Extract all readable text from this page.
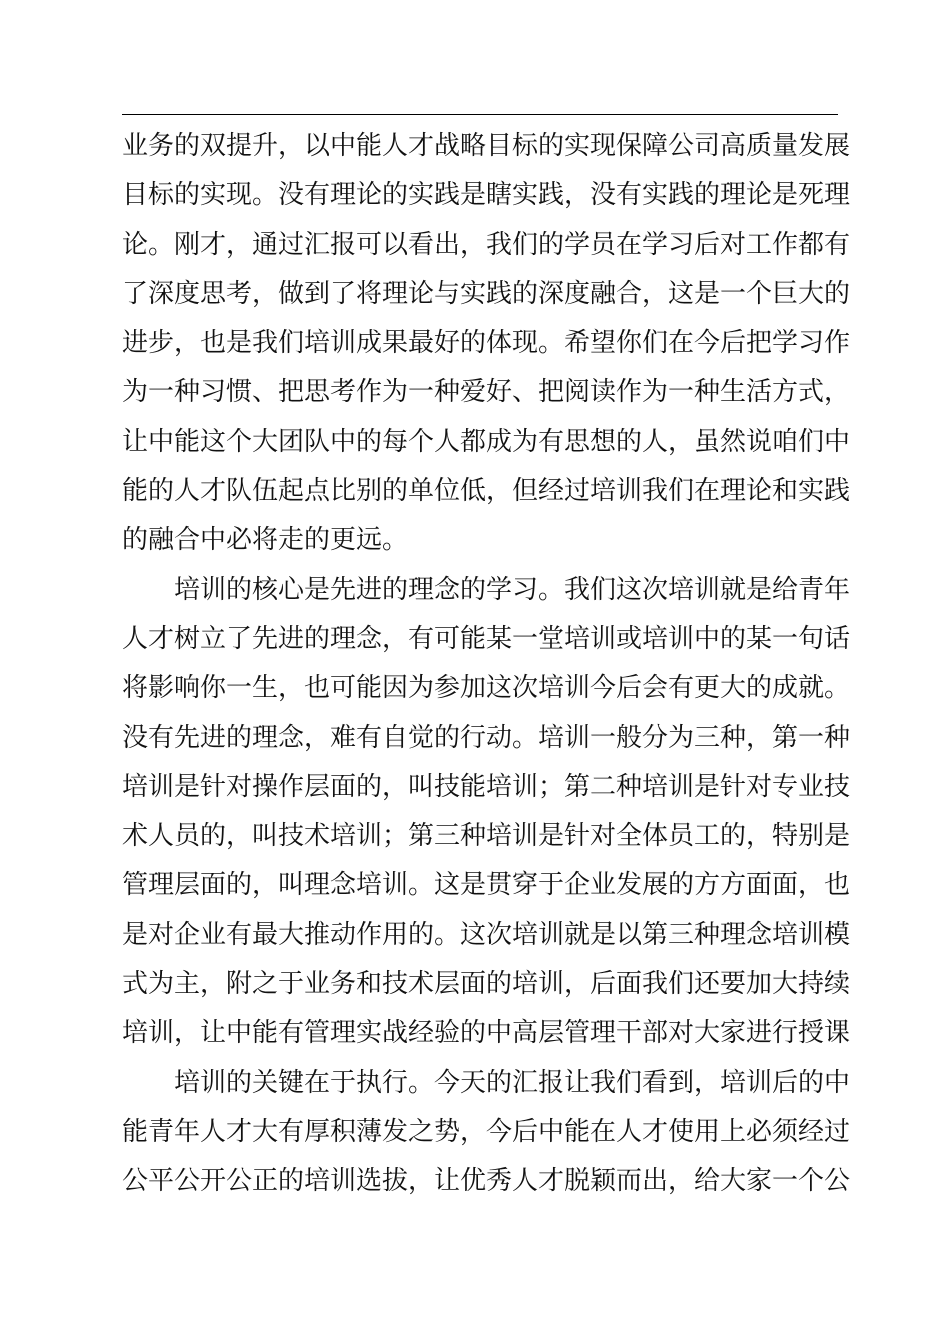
业务的双提升，以中能人才战略目标的实现保障公司高质量发展
目标的实现。没有理论的实践是瞎实践，没有实践的理论是死理
论。刚才，通过汇报可以看出，我们的学员在学习后对工作都有
了深度思考，做到了将理论与实践的深度融合，这是一个巨大的
进步，也是我们培训成果最好的体现。希望你们在今后把学习作
为一种习惯、把思考作为一种爱好、把阅读作为一种生活方式，
让中能这个大团队中的每个人都成为有思想的人，虽然说咱们中
能的人才队伍起点比别的单位低，但经过培训我们在理论和实践
的融合中必将走的更远。
　　培训的核心是先进的理念的学习。我们这次培训就是给青年
人才树立了先进的理念，有可能某一堂培训或培训中的某一句话
将影响你一生，也可能因为参加这次培训今后会有更大的成就。
没有先进的理念，难有自觉的行动。培训一般分为三种，第一种
培训是针对操作层面的，叫技能培训；第二种培训是针对专业技
术人员的，叫技术培训；第三种培训是针对全体员工的，特别是
管理层面的，叫理念培训。这是贯穿于企业发展的方方面面，也
是对企业有最大推动作用的。这次培训就是以第三种理念培训模
式为主，附之于业务和技术层面的培训，后面我们还要加大持续
培训，让中能有管理实战经验的中高层管理干部对大家进行授课
　　培训的关键在于执行。今天的汇报让我们看到，培训后的中
能青年人才大有厚积薄发之势，今后中能在人才使用上必须经过
公平公开公正的培训选拔，让优秀人才脱颖而出，给大家一个公
